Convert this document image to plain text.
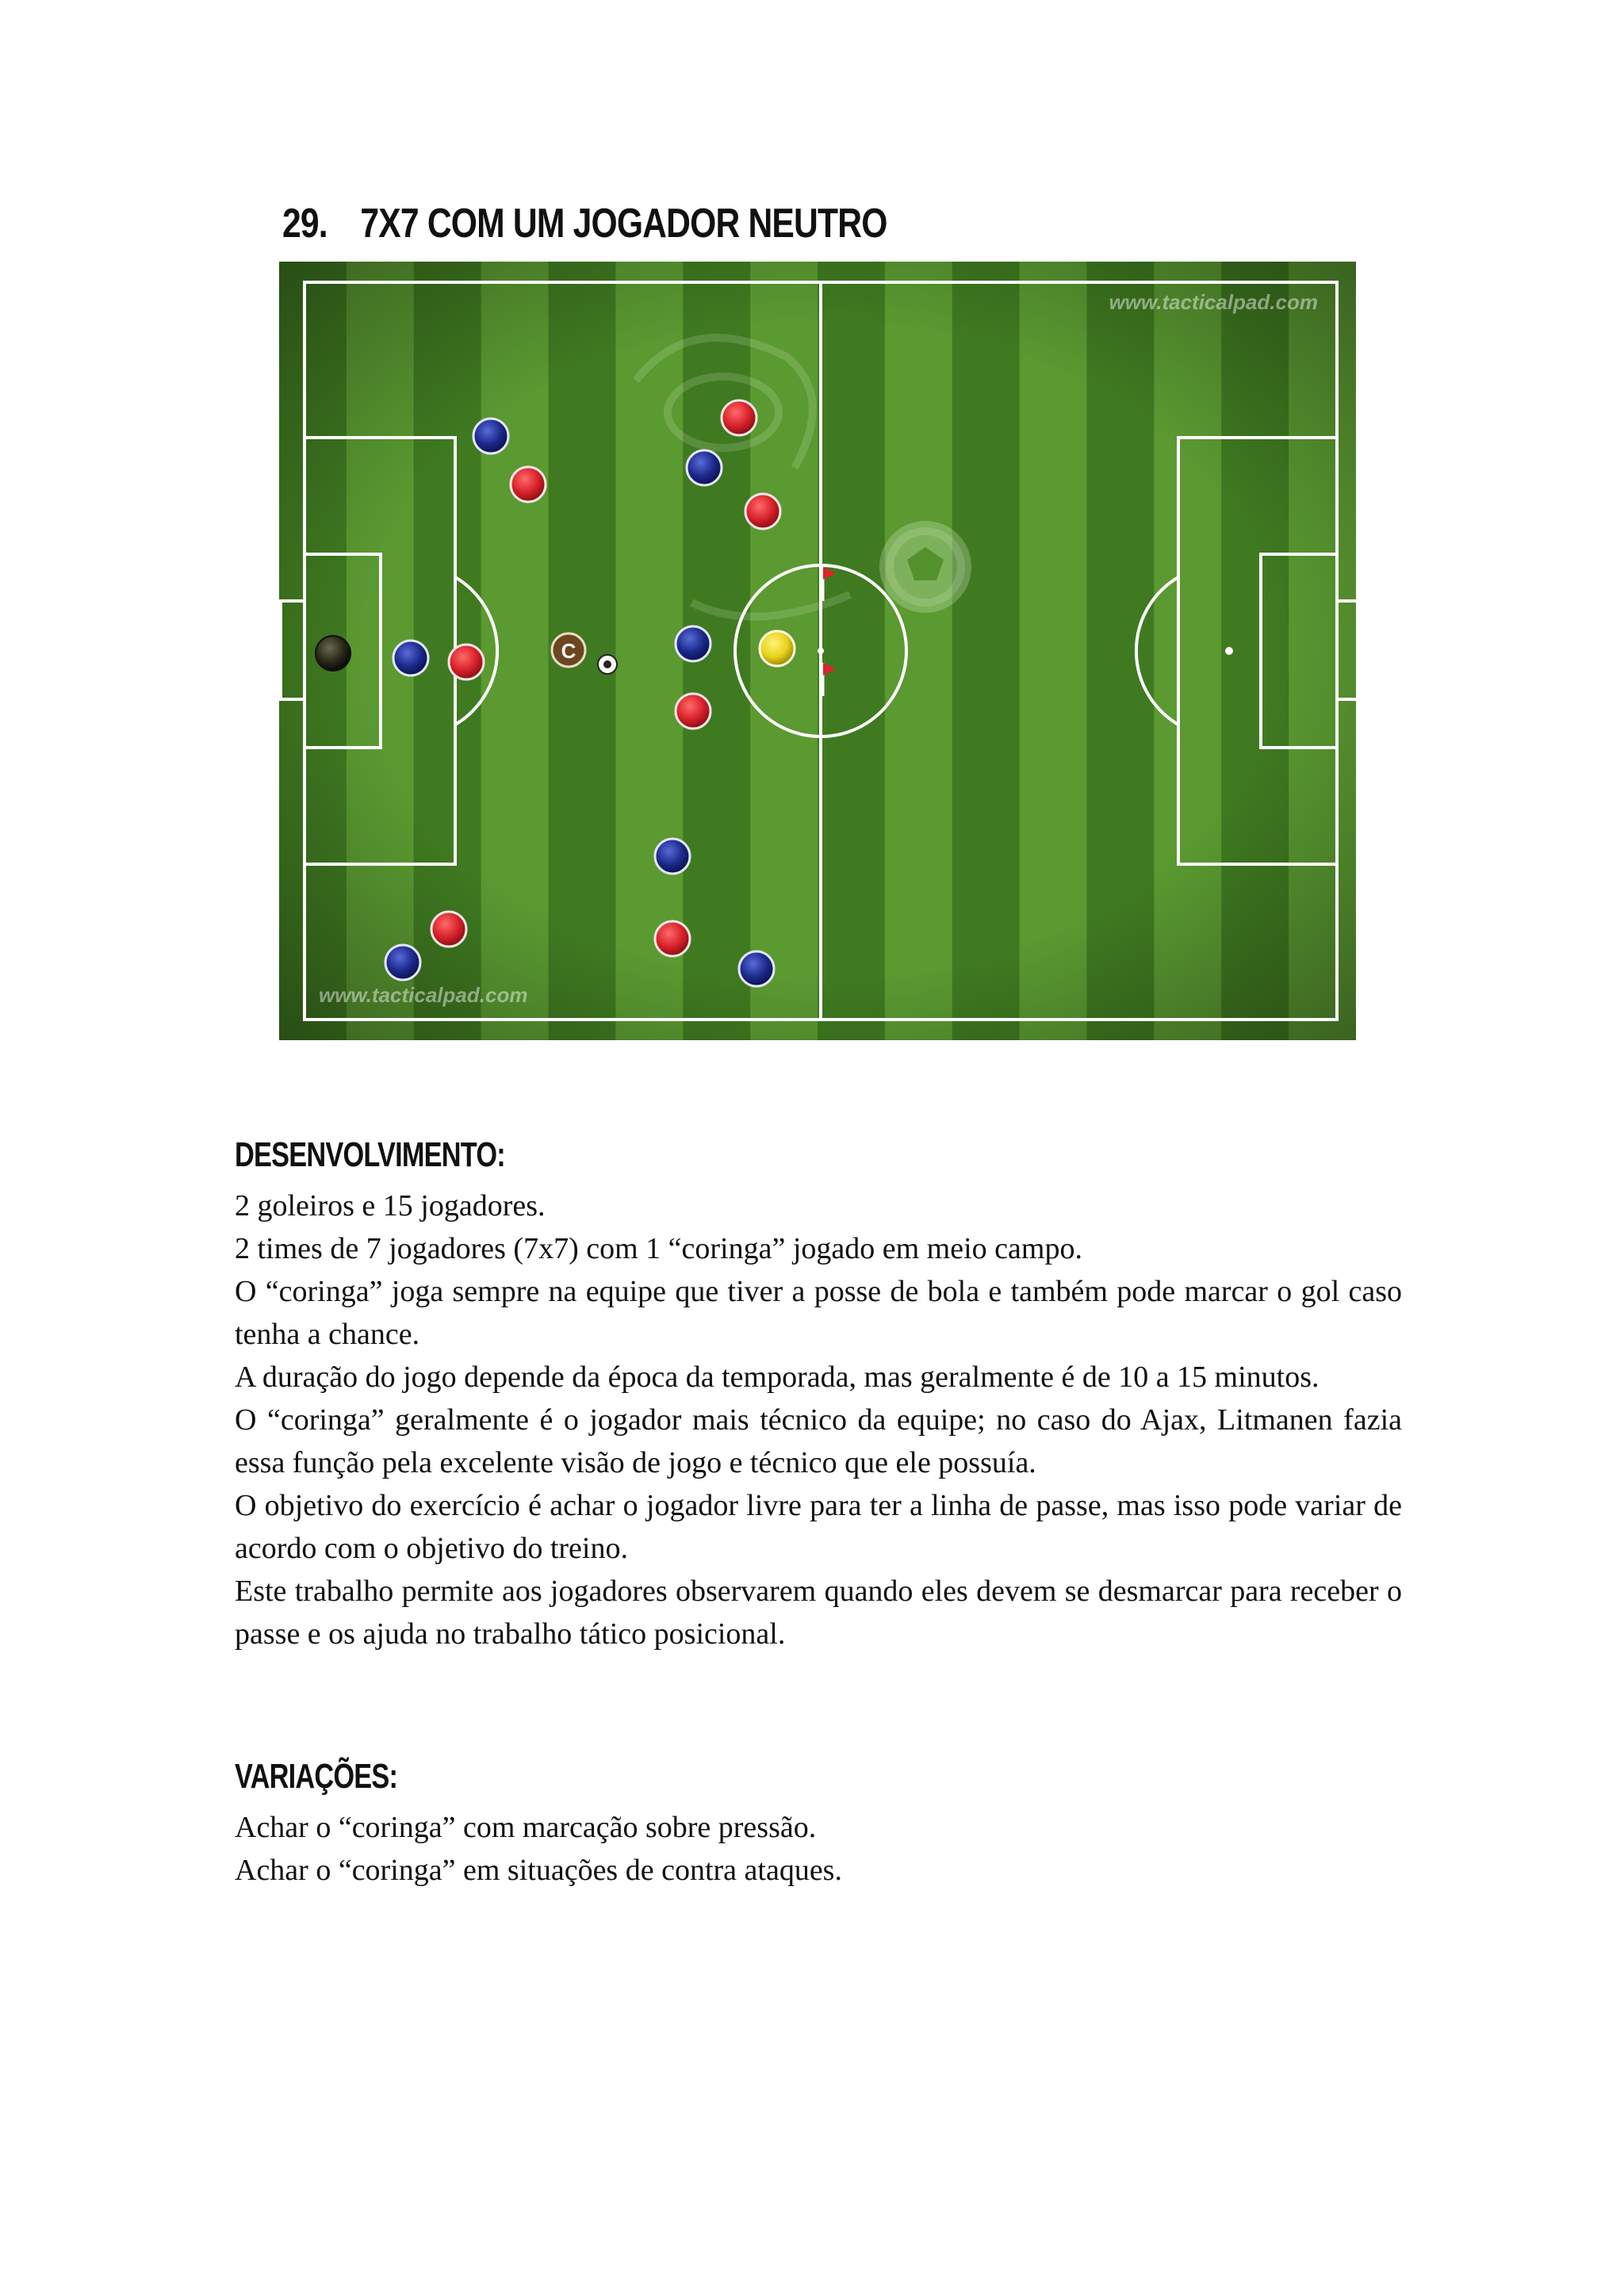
29. 7X7 COM UM JOGADOR NEUTRO
C
www.tacticalpad.com
www.tacticalpad.com
DESENVOLVIMENTO:

2 goleiros e 15 jogadores.

2 times de 7 jogadores (7x7) com 1 “coringa” jogado em meio campo.

O “coringa” joga sempre na equipe que tiver a posse de bola e também pode marcar o gol caso tenha a chance.

A duração do jogo depende da época da temporada, mas geralmente é de 10 a 15 minutos.

O “coringa” geralmente é o jogador mais técnico da equipe; no caso do Ajax, Litmanen fazia essa função pela excelente visão de jogo e técnico que ele possuía.

O objetivo do exercício é achar o jogador livre para ter a linha de passe, mas isso pode variar de acordo com o objetivo do treino.

Este trabalho permite aos jogadores observarem quando eles devem se desmarcar para receber o passe e os ajuda no trabalho tático posicional.

VARIAÇÕES:

Achar o “coringa” com marcação sobre pressão.

Achar o “coringa” em situações de contra ataques.
